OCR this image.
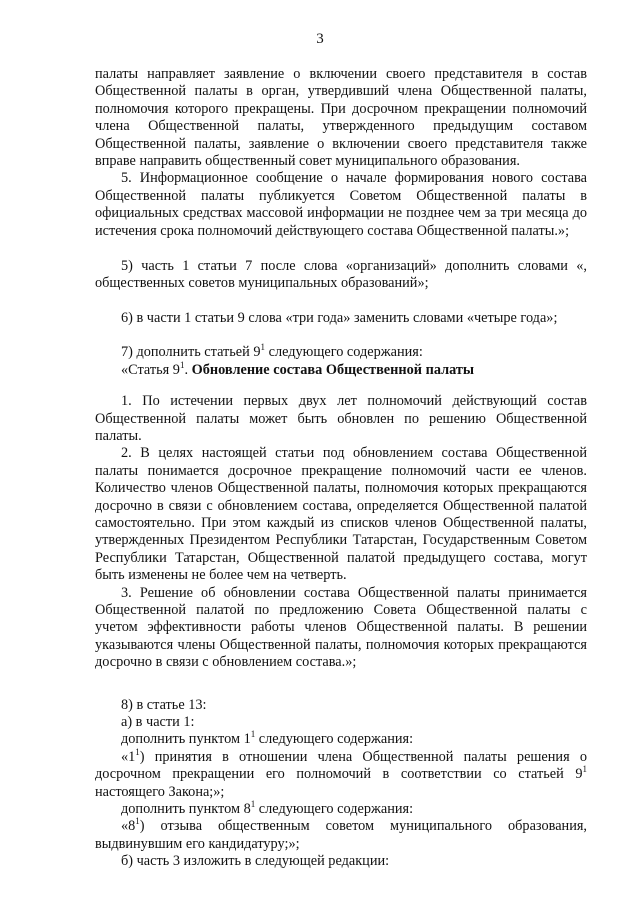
3

палаты направляет заявление о включении своего представителя в состав Общественной палаты в орган, утвердивший члена Общественной палаты, полномочия которого прекращены. При досрочном прекращении полномочий члена Общественной палаты, утвержденного предыдущим составом Общественной палаты, заявление о включении своего представителя также вправе направить общественный совет муниципального образования.

5. Информационное сообщение о начале формирования нового состава Общественной палаты публикуется Советом Общественной палаты в официальных средствах массовой информации не позднее чем за три месяца до истечения срока полномочий действующего состава Общественной палаты.»;

5) часть 1 статьи 7 после слова «организаций» дополнить словами «, общественных советов муниципальных образований»;

6) в части 1 статьи 9 слова «три года» заменить словами «четыре года»;

7) дополнить статьей $9^1$ следующего содержания:

«Статья $9^1$. Обновление состава Общественной палаты

1. По истечении первых двух лет полномочий действующий состав Общественной палаты может быть обновлен по решению Общественной палаты.

2. В целях настоящей статьи под обновлением состава Общественной палаты понимается досрочное прекращение полномочий части ее членов. Количество членов Общественной палаты, полномочия которых прекращаются досрочно в связи с обновлением состава, определяется Общественной палатой самостоятельно. При этом каждый из списков членов Общественной палаты, утвержденных Президентом Республики Татарстан, Государственным Советом Республики Татарстан, Общественной палатой предыдущего состава, могут быть изменены не более чем на четверть.

3. Решение об обновлении состава Общественной палаты принимается Общественной палатой по предложению Совета Общественной палаты с учетом эффективности работы членов Общественной палаты. В решении указываются члены Общественной палаты, полномочия которых прекращаются досрочно в связи с обновлением состава.»;

8) в статье 13:

а) в части 1:

дополнить пунктом $1^1$ следующего содержания:

«$1^1$) принятия в отношении члена Общественной палаты решения о досрочном прекращении его полномочий в соответствии со статьей $9^1$ настоящего Закона;»;

дополнить пунктом $8^1$ следующего содержания:

«$8^1$) отзыва общественным советом муниципального образования, выдвинувшим его кандидатуру;»;

б) часть 3 изложить в следующей редакции:
